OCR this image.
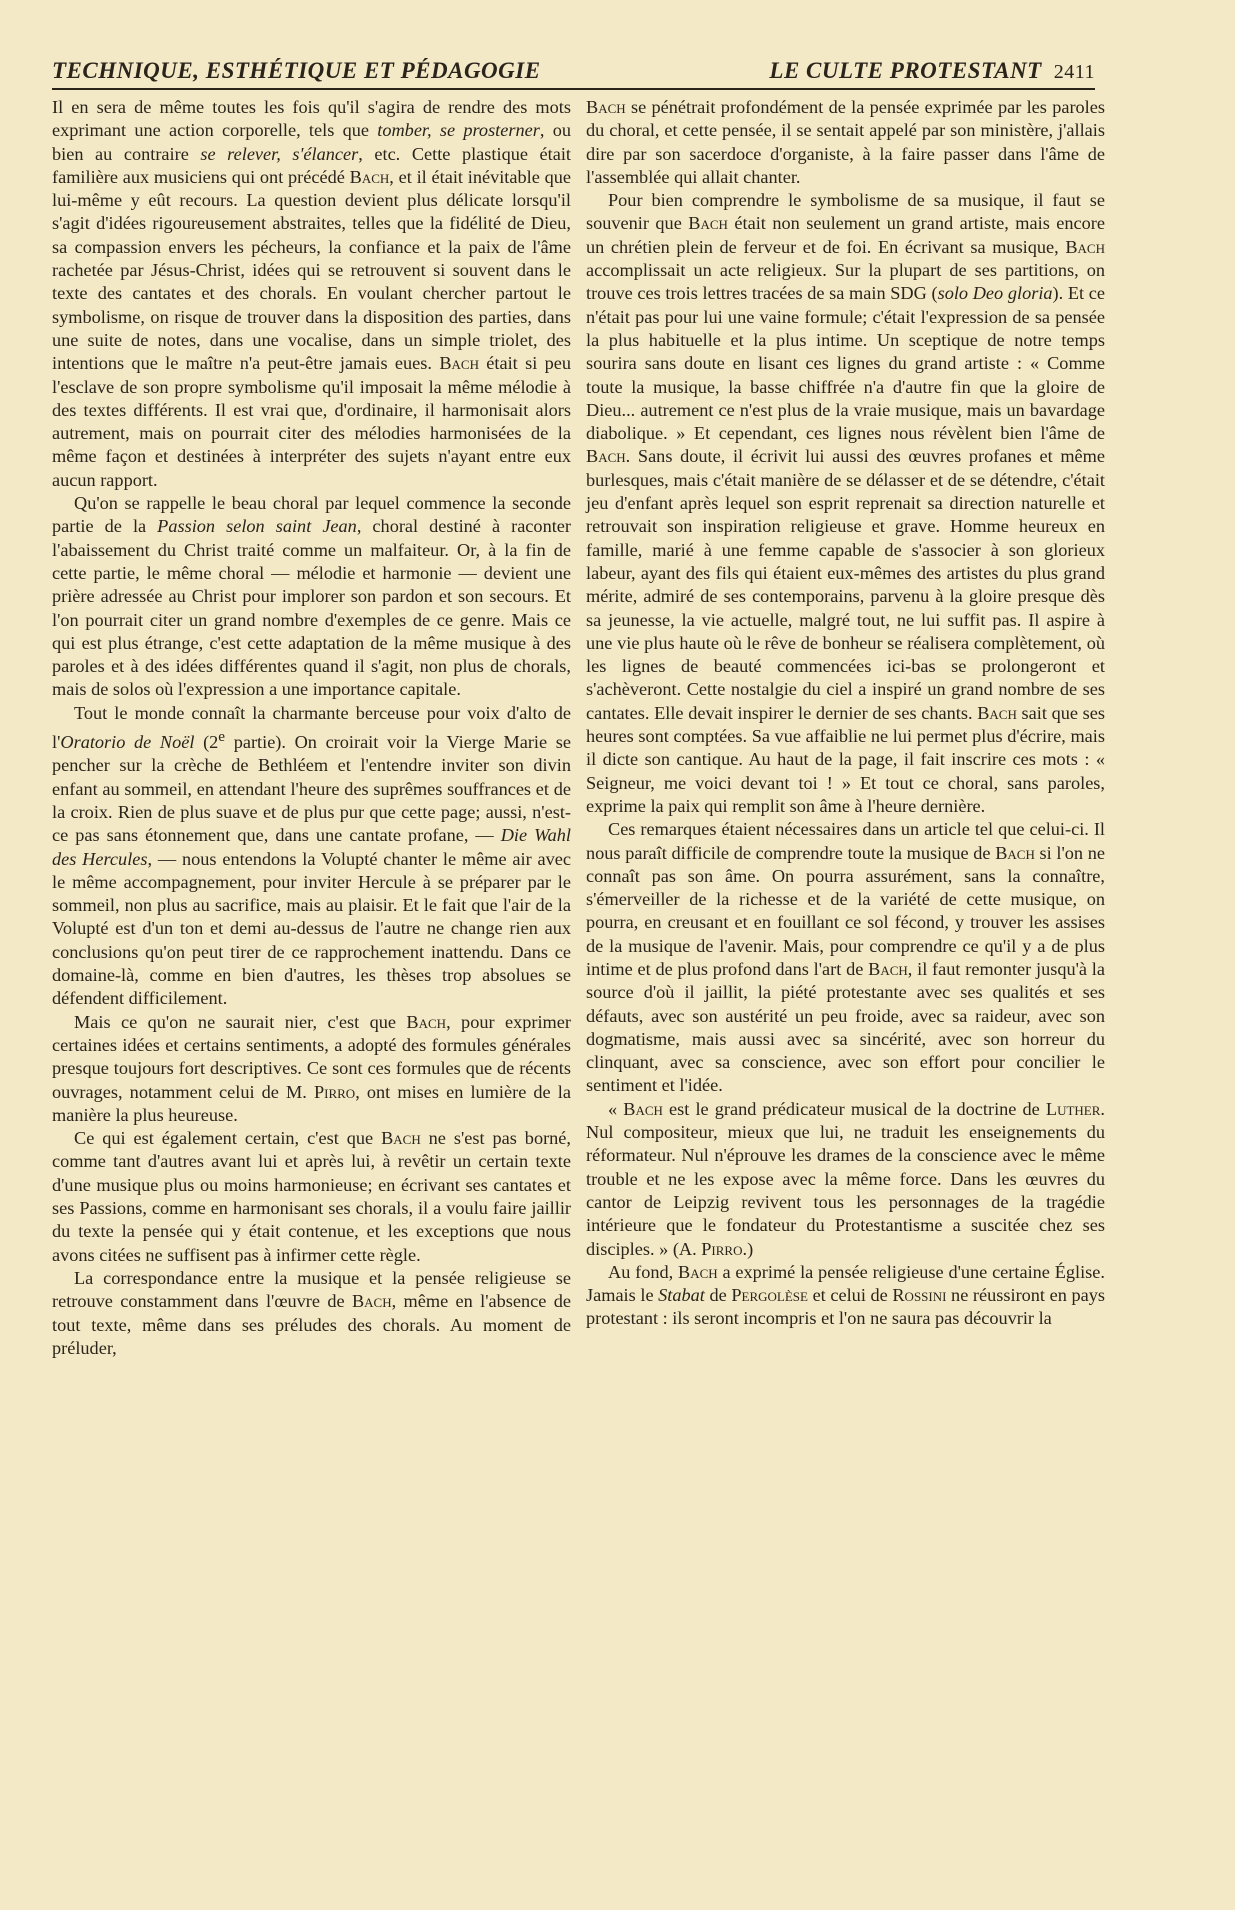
TECHNIQUE, ESTHÉTIQUE ET PÉDAGOGIE	LE CULTE PROTESTANT 2411

Il en sera de même toutes les fois qu'il s'agira de rendre des mots exprimant une action corporelle, tels que tomber, se prosterner, ou bien au contraire se relever, s'élancer, etc. Cette plastique était familière aux musiciens qui ont précédé Bach, et il était inévitable que lui-même y eût recours. La question devient plus délicate lorsqu'il s'agit d'idées rigoureusement abstraites, telles que la fidélité de Dieu, sa compassion envers les pécheurs, la confiance et la paix de l'âme rachetée par Jésus-Christ, idées qui se retrouvent si souvent dans le texte des cantates et des chorals. En voulant chercher partout le symbolisme, on risque de trouver dans la disposition des parties, dans une suite de notes, dans une vocalise, dans un simple triolet, des intentions que le maître n'a peut-être jamais eues. Bach était si peu l'esclave de son propre symbolisme qu'il imposait la même mélodie à des textes différents. Il est vrai que, d'ordinaire, il harmonisait alors autrement, mais on pourrait citer des mélodies harmonisées de la même façon et destinées à interpréter des sujets n'ayant entre eux aucun rapport.

Qu'on se rappelle le beau choral par lequel commence la seconde partie de la Passion selon saint Jean, choral destiné à raconter l'abaissement du Christ traité comme un malfaiteur. Or, à la fin de cette partie, le même choral — mélodie et harmonie — devient une prière adressée au Christ pour implorer son pardon et son secours. Et l'on pourrait citer un grand nombre d'exemples de ce genre. Mais ce qui est plus étrange, c'est cette adaptation de la même musique à des paroles et à des idées différentes quand il s'agit, non plus de chorals, mais de solos où l'expression a une importance capitale.

Tout le monde connaît la charmante berceuse pour voix d'alto de l'Oratorio de Noël (2e partie). On croirait voir la Vierge Marie se pencher sur la crèche de Bethléem et l'entendre inviter son divin enfant au sommeil, en attendant l'heure des suprêmes souffrances et de la croix. Rien de plus suave et de plus pur que cette page; aussi, n'est-ce pas sans étonnement que, dans une cantate profane, — Die Wahl des Hercules, — nous entendons la Volupté chanter le même air avec le même accompagnement, pour inviter Hercule à se préparer par le sommeil, non plus au sacrifice, mais au plaisir. Et le fait que l'air de la Volupté est d'un ton et demi au-dessus de l'autre ne change rien aux conclusions qu'on peut tirer de ce rapprochement inattendu. Dans ce domaine-là, comme en bien d'autres, les thèses trop absolues se défendent difficilement.

Mais ce qu'on ne saurait nier, c'est que Bach, pour exprimer certaines idées et certains sentiments, a adopté des formules générales presque toujours fort descriptives. Ce sont ces formules que de récents ouvrages, notamment celui de M. Pirro, ont mises en lumière de la manière la plus heureuse.

Ce qui est également certain, c'est que Bach ne s'est pas borné, comme tant d'autres avant lui et après lui, à revêtir un certain texte d'une musique plus ou moins harmonieuse; en écrivant ses cantates et ses Passions, comme en harmonisant ses chorals, il a voulu faire jaillir du texte la pensée qui y était contenue, et les exceptions que nous avons citées ne suffisent pas à infirmer cette règle.

La correspondance entre la musique et la pensée religieuse se retrouve constamment dans l'œuvre de Bach, même en l'absence de tout texte, même dans ses préludes des chorals. Au moment de préluder,

Bach se pénétrait profondément de la pensée exprimée par les paroles du choral, et cette pensée, il se sentait appelé par son ministère, j'allais dire par son sacerdoce d'organiste, à la faire passer dans l'âme de l'assemblée qui allait chanter.

Pour bien comprendre le symbolisme de sa musique, il faut se souvenir que Bach était non seulement un grand artiste, mais encore un chrétien plein de ferveur et de foi. En écrivant sa musique, Bach accomplissait un acte religieux. Sur la plupart de ses partitions, on trouve ces trois lettres tracées de sa main SDG (solo Deo gloria). Et ce n'était pas pour lui une vaine formule; c'était l'expression de sa pensée la plus habituelle et la plus intime. Un sceptique de notre temps sourira sans doute en lisant ces lignes du grand artiste : « Comme toute la musique, la basse chiffrée n'a d'autre fin que la gloire de Dieu... autrement ce n'est plus de la vraie musique, mais un bavardage diabolique. » Et cependant, ces lignes nous révèlent bien l'âme de Bach. Sans doute, il écrivit lui aussi des œuvres profanes et même burlesques, mais c'était manière de se délasser et de se détendre, c'était jeu d'enfant après lequel son esprit reprenait sa direction naturelle et retrouvait son inspiration religieuse et grave. Homme heureux en famille, marié à une femme capable de s'associer à son glorieux labeur, ayant des fils qui étaient eux-mêmes des artistes du plus grand mérite, admiré de ses contemporains, parvenu à la gloire presque dès sa jeunesse, la vie actuelle, malgré tout, ne lui suffit pas. Il aspire à une vie plus haute où le rêve de bonheur se réalisera complètement, où les lignes de beauté commencées ici-bas se prolongeront et s'achèveront. Cette nostalgie du ciel a inspiré un grand nombre de ses cantates. Elle devait inspirer le dernier de ses chants. Bach sait que ses heures sont comptées. Sa vue affaiblie ne lui permet plus d'écrire, mais il dicte son cantique. Au haut de la page, il fait inscrire ces mots : « Seigneur, me voici devant toi ! » Et tout ce choral, sans paroles, exprime la paix qui remplit son âme à l'heure dernière.

Ces remarques étaient nécessaires dans un article tel que celui-ci. Il nous paraît difficile de comprendre toute la musique de Bach si l'on ne connaît pas son âme. On pourra assurément, sans la connaître, s'émerveiller de la richesse et de la variété de cette musique, on pourra, en creusant et en fouillant ce sol fécond, y trouver les assises de la musique de l'avenir. Mais, pour comprendre ce qu'il y a de plus intime et de plus profond dans l'art de Bach, il faut remonter jusqu'à la source d'où il jaillit, la piété protestante avec ses qualités et ses défauts, avec son austérité un peu froide, avec sa raideur, avec son dogmatisme, mais aussi avec sa sincérité, avec son horreur du clinquant, avec sa conscience, avec son effort pour concilier le sentiment et l'idée.

« Bach est le grand prédicateur musical de la doctrine de Luther. Nul compositeur, mieux que lui, ne traduit les enseignements du réformateur. Nul n'éprouve les drames de la conscience avec le même trouble et ne les expose avec la même force. Dans les œuvres du cantor de Leipzig revivent tous les personnages de la tragédie intérieure que le fondateur du Protestantisme a suscitée chez ses disciples. » (A. Pirro.)

Au fond, Bach a exprimé la pensée religieuse d'une certaine Église. Jamais le Stabat de Pergolèse et celui de Rossini ne réussiront en pays protestant : ils seront incompris et l'on ne saura pas découvrir la
